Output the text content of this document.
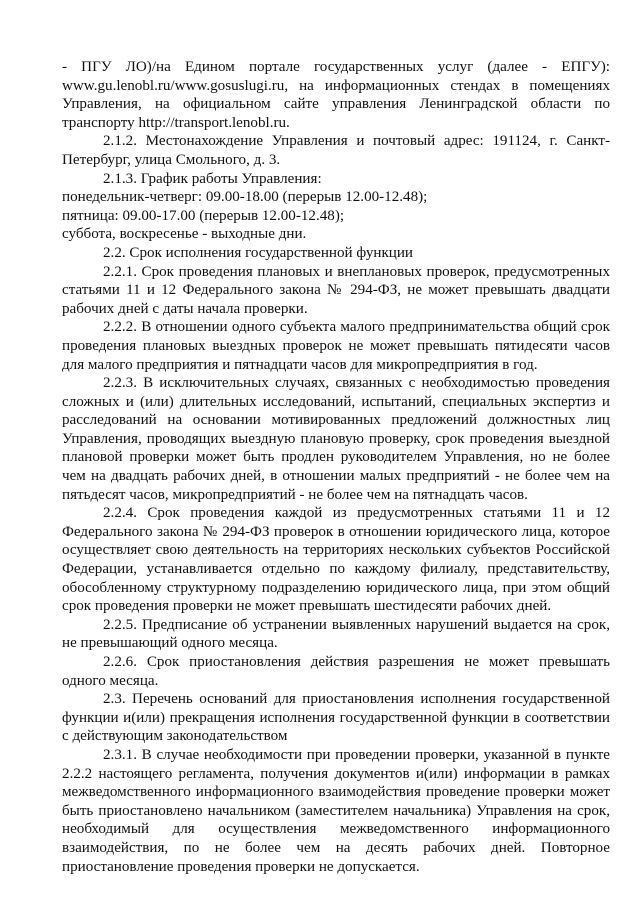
- ПГУ ЛО)/на Едином портале государственных услуг (далее - ЕПГУ): www.gu.lenobl.ru/www.gosuslugi.ru, на информационных стендах в помещениях Управления, на официальном сайте управления Ленинградской области по транспорту http://transport.lenobl.ru.

2.1.2. Местонахождение Управления и почтовый адрес: 191124, г. Санкт-Петербург, улица Смольного, д. 3.

2.1.3. График работы Управления:

понедельник-четверг: 09.00-18.00 (перерыв 12.00-12.48);

пятница: 09.00-17.00 (перерыв 12.00-12.48);

суббота, воскресенье - выходные дни.

2.2. Срок исполнения государственной функции

2.2.1. Срок проведения плановых и внеплановых проверок, предусмотренных статьями 11 и 12 Федерального закона № 294-ФЗ, не может превышать двадцати рабочих дней с даты начала проверки.

2.2.2. В отношении одного субъекта малого предпринимательства общий срок проведения плановых выездных проверок не может превышать пятидесяти часов для малого предприятия и пятнадцати часов для микропредприятия в год.

2.2.3. В исключительных случаях, связанных с необходимостью проведения сложных и (или) длительных исследований, испытаний, специальных экспертиз и расследований на основании мотивированных предложений должностных лиц Управления, проводящих выездную плановую проверку, срок проведения выездной плановой проверки может быть продлен руководителем Управления, но не более чем на двадцать рабочих дней, в отношении малых предприятий - не более чем на пятьдесят часов, микропредприятий - не более чем на пятнадцать часов.

2.2.4. Срок проведения каждой из предусмотренных статьями 11 и 12 Федерального закона № 294-ФЗ проверок в отношении юридического лица, которое осуществляет свою деятельность на территориях нескольких субъектов Российской Федерации, устанавливается отдельно по каждому филиалу, представительству, обособленному структурному подразделению юридического лица, при этом общий срок проведения проверки не может превышать шестидесяти рабочих дней.

2.2.5. Предписание об устранении выявленных нарушений выдается на срок, не превышающий одного месяца.

2.2.6. Срок приостановления действия разрешения не может превышать одного месяца.

2.3. Перечень оснований для приостановления исполнения государственной функции и(или) прекращения исполнения государственной функции в соответствии с действующим законодательством

2.3.1. В случае необходимости при проведении проверки, указанной в пункте 2.2.2 настоящего регламента, получения документов и(или) информации в рамках межведомственного информационного взаимодействия проведение проверки может быть приостановлено начальником (заместителем начальника) Управления на срок, необходимый для осуществления межведомственного информационного взаимодействия, по не более чем на десять рабочих дней. Повторное приостановление проведения проверки не допускается.
